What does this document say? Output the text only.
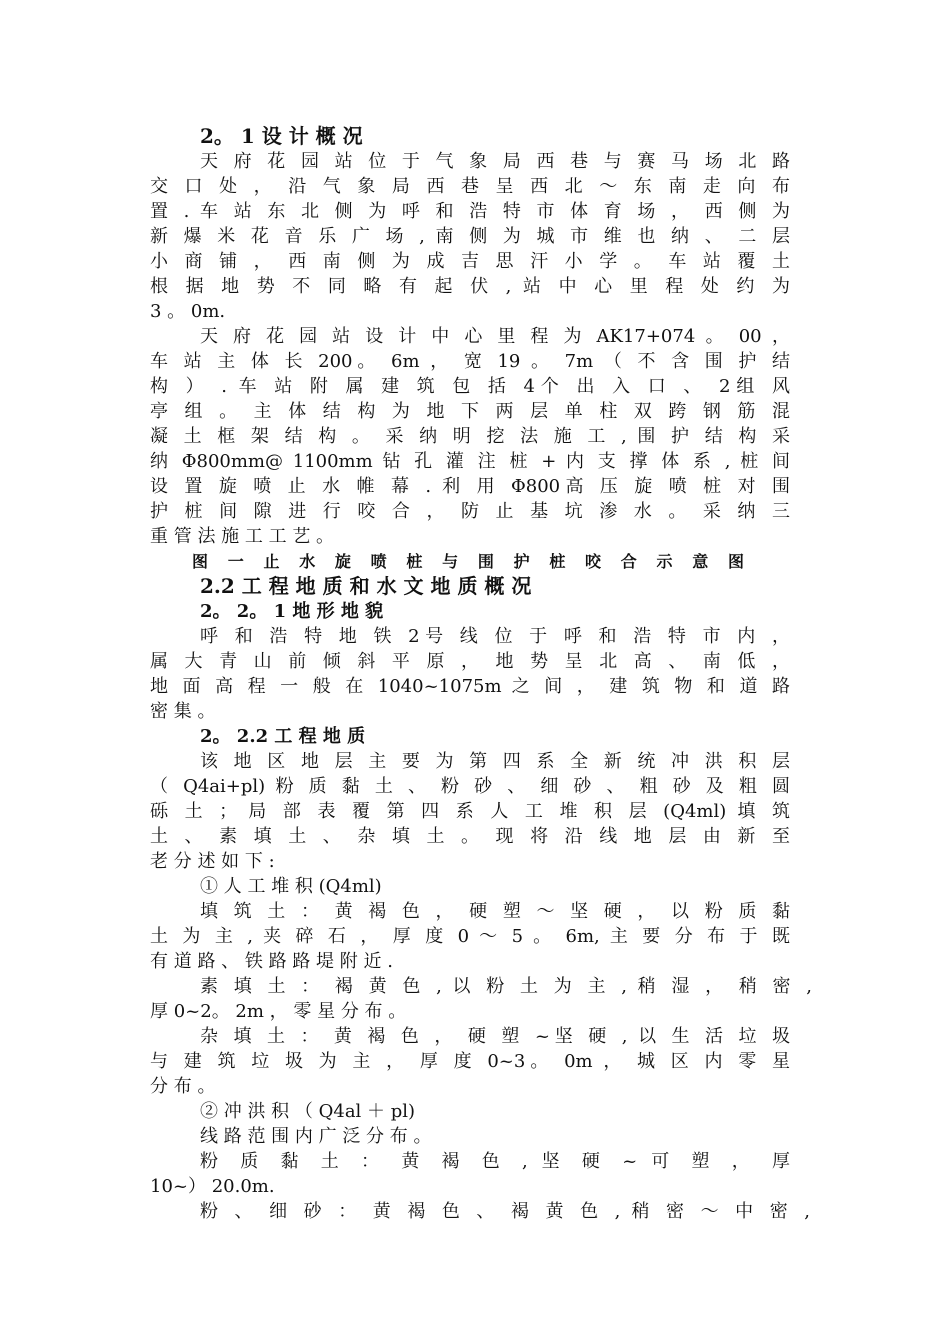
2。 1 设 计 概 况
天 府 花 园 站 位 于 气 象 局 西 巷 与 赛 马 场 北 路
交 口 处 ， 沿 气 象 局 西 巷 呈 西 北 ～ 东 南 走 向 布
置 . 车 站 东 北 侧 为 呼 和 浩 特 市 体 育 场 ， 西 侧 为
新 爆 米 花 音 乐 广 场 , 南 侧 为 城 市 维 也 纳 、 二 层
小 商 铺 ， 西 南 侧 为 成 吉 思 汗 小 学 。 车 站 覆 土
根 据 地 势 不 同 略 有 起 伏 , 站 中 心 里 程 处 约 为
3 。 0m.
天 府 花 园 站 设 计 中 心 里 程 为 AK17+074 。 00 ，
车 站 主 体 长 200。 6m ， 宽 19 。 7m （ 不 含 围 护 结
构 ） . 车 站 附 属 建 筑 包 括 4个 出 入 口 、 2组 风
亭 组 。 主 体 结 构 为 地 下 两 层 单 柱 双 跨 钢 筋 混
凝 土 框 架 结 构 。 采 纳 明 挖 法 施 工 , 围 护 结 构 采
纳 Φ800mm@ 1100mm 钻 孔 灌 注 桩 + 内 支 撑 体 系 , 桩 间
设 置 旋 喷 止 水 帷 幕 . 利 用 Φ800高 压 旋 喷 桩 对 围
护 桩 间 隙 进 行 咬 合 ， 防 止 基 坑 渗 水 。 采 纳 三
重 管 法 施 工 工 艺 。
图 一 止 水 旋 喷 桩 与 围 护 桩 咬 合 示 意 图
2.2 工 程 地 质 和 水 文 地 质 概 况
2。 2。 1 地 形 地 貌
呼 和 浩 特 地 铁 2号 线 位 于 呼 和 浩 特 市 内 ，
属 大 青 山 前 倾 斜 平 原 ， 地 势 呈 北 高 、 南 低 ，
地 面 高 程 一 般 在 1040~1075m 之 间 ， 建 筑 物 和 道 路
密 集 。
2。 2.2 工 程 地 质
该 地 区 地 层 主 要 为 第 四 系 全 新 统 冲 洪 积 层
（ Q4ai+pl) 粉 质 黏 土 、 粉 砂 、 细 砂 、 粗 砂 及 粗 圆
砾 土 ； 局 部 表 覆 第 四 系 人 工 堆 积 层 (Q4ml) 填 筑
土 、 素 填 土 、 杂 填 土 。 现 将 沿 线 地 层 由 新 至
老 分 述 如 下 :
① 人 工 堆 积 (Q4ml)
填 筑 土 ： 黄 褐 色 ， 硬 塑 ～ 坚 硬 ， 以 粉 质 黏
土 为 主 , 夹 碎 石 ， 厚 度 0 ～ 5 。 6m, 主 要 分 布 于 既
有 道 路 、 铁 路 路 堤 附 近 .
素 填 土 ： 褐 黄 色 , 以 粉 土 为 主 , 稍 湿 ， 稍 密 ,
厚 0~2。 2m ， 零 星 分 布 。
杂 填 土 ： 黄 褐 色 ， 硬 塑 ~坚 硬 , 以 生 活 垃 圾
与 建 筑 垃 圾 为 主 ， 厚 度 0~3。 0m ， 城 区 内 零 星
分 布 。
② 冲 洪 积 （ Q4al ＋ pl)
线 路 范 围 内 广 泛 分 布 。
粉 质 黏 土 ： 黄 褐 色 , 坚 硬 ~ 可 塑 ， 厚
10~） 20.0m.
粉 、 细 砂 ： 黄 褐 色 、 褐 黄 色 , 稍 密 ～ 中 密 ,
